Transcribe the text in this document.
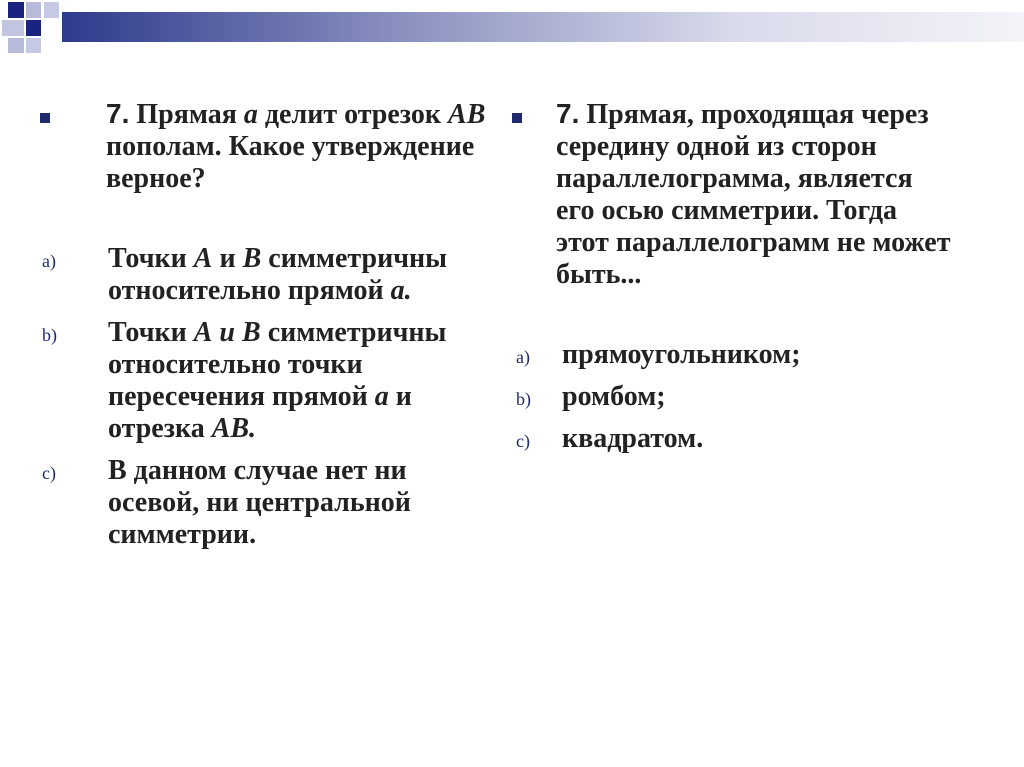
7. Прямая а делит отрезок АВ пополам. Какое утверждение верное?
a)	Точки А и В симметричны относительно прямой а.
b)	Точки А и В симметричны относительно точки пересечения прямой а и отрезка АВ.
c)	В данном случае нет ни осевой, ни центральной симметрии.
7. Прямая, проходящая через середину одной из сторон параллелограмма, является его осью симметрии. Тогда этот параллелограмм не может быть...
a)	прямоугольником;
b)	ромбом;
c)	квадратом.
